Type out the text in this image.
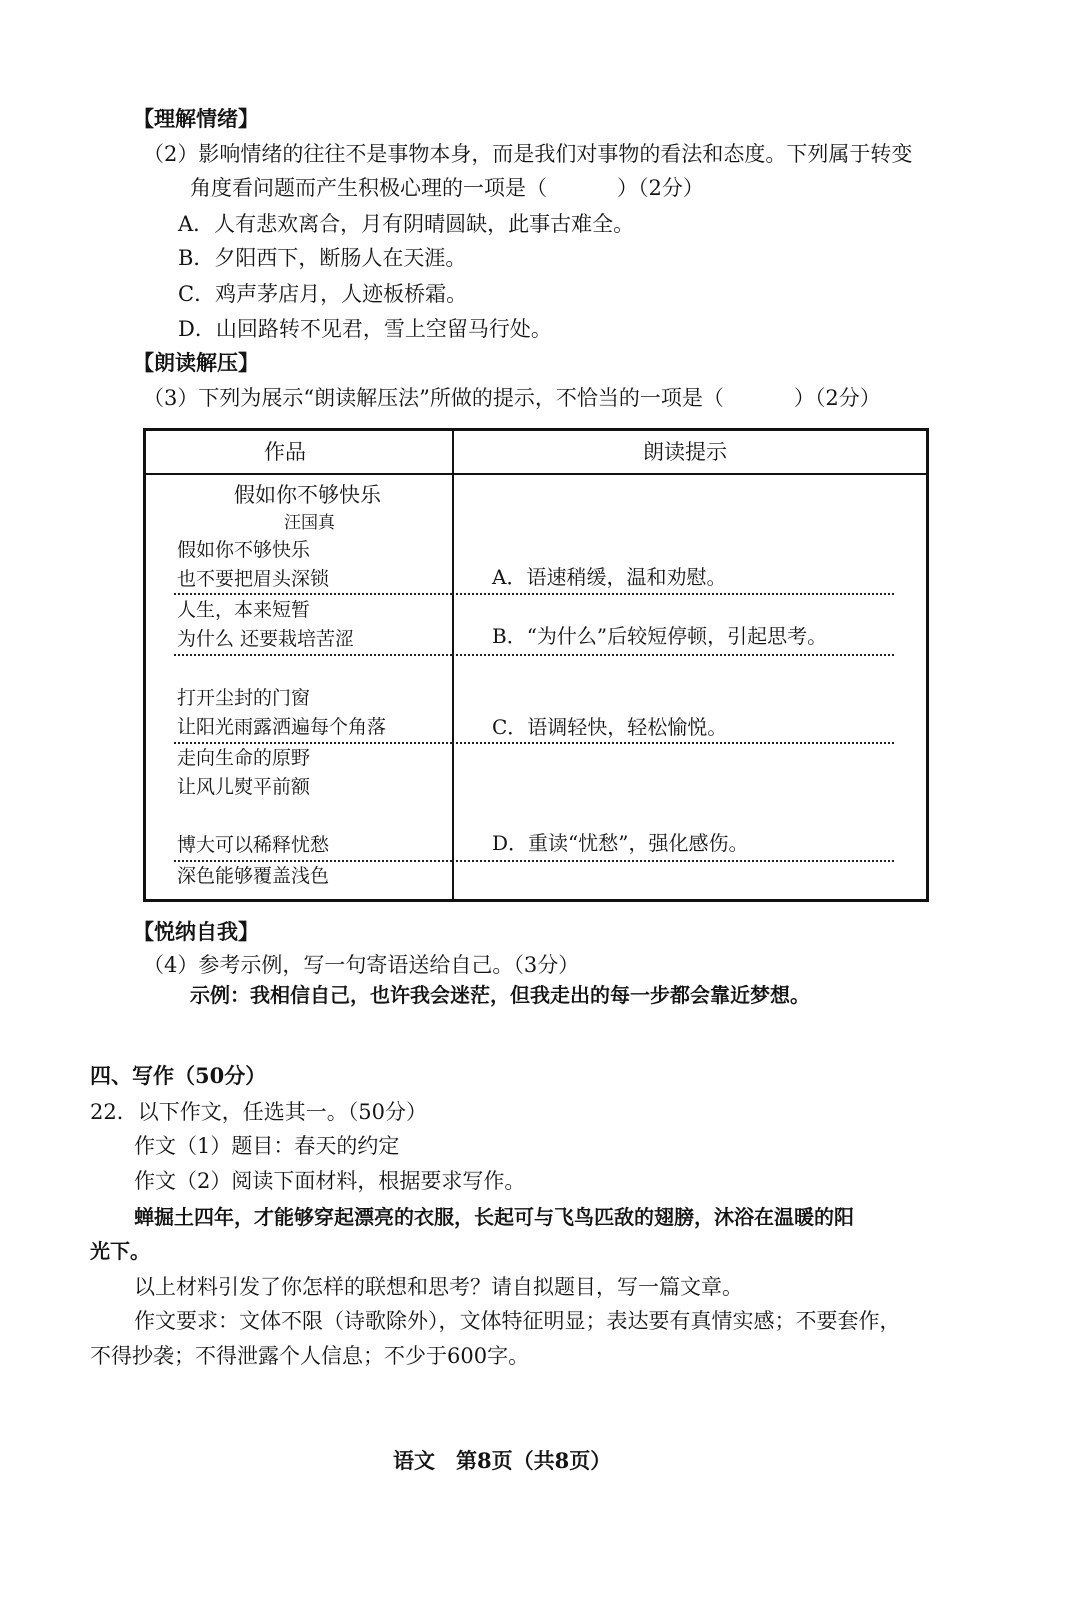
【理解情绪】
（2）影响情绪的往往不是事物本身，而是我们对事物的看法和态度。下列属于转变
角度看问题而产生积极心理的一项是（	）（2分）
A．人有悲欢离合，月有阴晴圆缺，此事古难全。
B．夕阳西下，断肠人在天涯。
C．鸡声茅店月，人迹板桥霜。
D．山回路转不见君，雪上空留马行处。
【朗读解压】
（3）下列为展示“朗读解压法”所做的提示，不恰当的一项是（	）（2分）
作品	朗读提示
假如你不够快乐
汪国真
假如你不够快乐
也不要把眉头深锁	A．语速稍缓，温和劝慰。
人生，本来短暂
为什么 还要栽培苦涩	B．“为什么”后较短停顿，引起思考。
打开尘封的门窗
让阳光雨露洒遍每个角落	C．语调轻快，轻松愉悦。
走向生命的原野
让风儿熨平前额
博大可以稀释忧愁	D．重读“忧愁”，强化感伤。
深色能够覆盖浅色
【悦纳自我】
（4）参考示例，写一句寄语送给自己。（3分）
示例：我相信自己，也许我会迷茫，但我走出的每一步都会靠近梦想。
四、写作（50分）
22．以下作文，任选其一。（50分）
作文（1）题目：春天的约定
作文（2）阅读下面材料，根据要求写作。
蝉掘土四年，才能够穿起漂亮的衣服，长起可与飞鸟匹敌的翅膀，沐浴在温暖的阳
光下。
以上材料引发了你怎样的联想和思考？请自拟题目，写一篇文章。
作文要求：文体不限（诗歌除外），文体特征明显；表达要有真情实感；不要套作，
不得抄袭；不得泄露个人信息；不少于600字。
语文　第8页（共8页）
